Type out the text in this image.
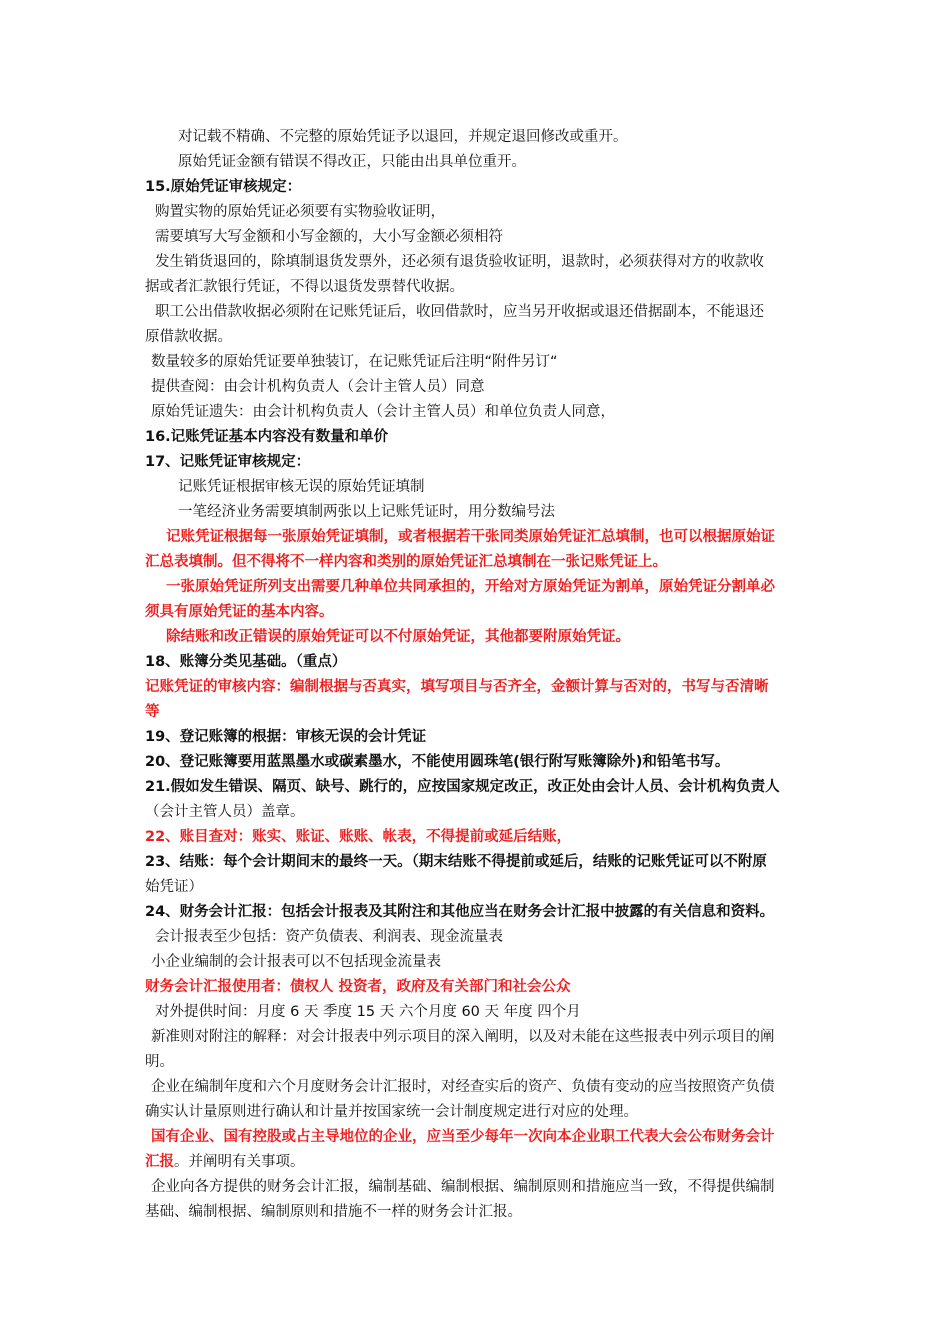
对记载不精确、不完整的原始凭证予以退回，并规定退回修改或重开。
原始凭证金额有错误不得改正，只能由出具单位重开。
15.原始凭证审核规定：
购置实物的原始凭证必须要有实物验收证明，
需要填写大写金额和小写金额的，大小写金额必须相符
发生销货退回的，除填制退货发票外，还必须有退货验收证明，退款时，必须获得对方的收款收
据或者汇款银行凭证，不得以退货发票替代收据。
职工公出借款收据必须附在记账凭证后，收回借款时，应当另开收据或退还借据副本，不能退还
原借款收据。
数量较多的原始凭证要单独装订，在记账凭证后注明“附件另订“
提供查阅：由会计机构负责人（会计主管人员）同意
原始凭证遗失：由会计机构负责人（会计主管人员）和单位负责人同意，
16.记账凭证基本内容没有数量和单价
17、记账凭证审核规定：
记账凭证根据审核无误的原始凭证填制
一笔经济业务需要填制两张以上记账凭证时，用分数编号法
记账凭证根据每一张原始凭证填制，或者根据若干张同类原始凭证汇总填制，也可以根据原始证
汇总表填制。但不得将不一样内容和类别的原始凭证汇总填制在一张记账凭证上。
一张原始凭证所列支出需要几种单位共同承担的，开给对方原始凭证为割单，原始凭证分割单必
须具有原始凭证的基本内容。
除结账和改正错误的原始凭证可以不付原始凭证，其他都要附原始凭证。
18、账簿分类见基础。（重点）
记账凭证的审核内容：编制根据与否真实，填写项目与否齐全，金额计算与否对的，书写与否清晰
等
19、登记账簿的根据：审核无误的会计凭证
20、登记账簿要用蓝黑墨水或碳素墨水，不能使用圆珠笔(银行附写账簿除外)和铅笔书写。
21.假如发生错误、隔页、缺号、跳行的，应按国家规定改正，改正处由会计人员、会计机构负责人
（会计主管人员）盖章。
22、账目查对：账实、账证、账账、帐表，不得提前或延后结账，
23、结账：每个会计期间末的最终一天。（期末结账不得提前或延后，结账的记账凭证可以不附原
始凭证）
24、财务会计汇报：包括会计报表及其附注和其他应当在财务会计汇报中披露的有关信息和资料。
会计报表至少包括：资产负债表、利润表、现金流量表
小企业编制的会计报表可以不包括现金流量表
财务会计汇报使用者：债权人 投资者，政府及有关部门和社会公众
对外提供时间：月度 6 天 季度 15 天 六个月度 60 天 年度 四个月
新准则对附注的解释：对会计报表中列示项目的深入阐明，以及对未能在这些报表中列示项目的阐
明。
企业在编制年度和六个月度财务会计汇报时，对经查实后的资产、负债有变动的应当按照资产负债
确实认计量原则进行确认和计量并按国家统一会计制度规定进行对应的处理。
国有企业、国有控股或占主导地位的企业，应当至少每年一次向本企业职工代表大会公布财务会计
汇报。并阐明有关事项。
企业向各方提供的财务会计汇报，编制基础、编制根据、编制原则和措施应当一致，不得提供编制
基础、编制根据、编制原则和措施不一样的财务会计汇报。
